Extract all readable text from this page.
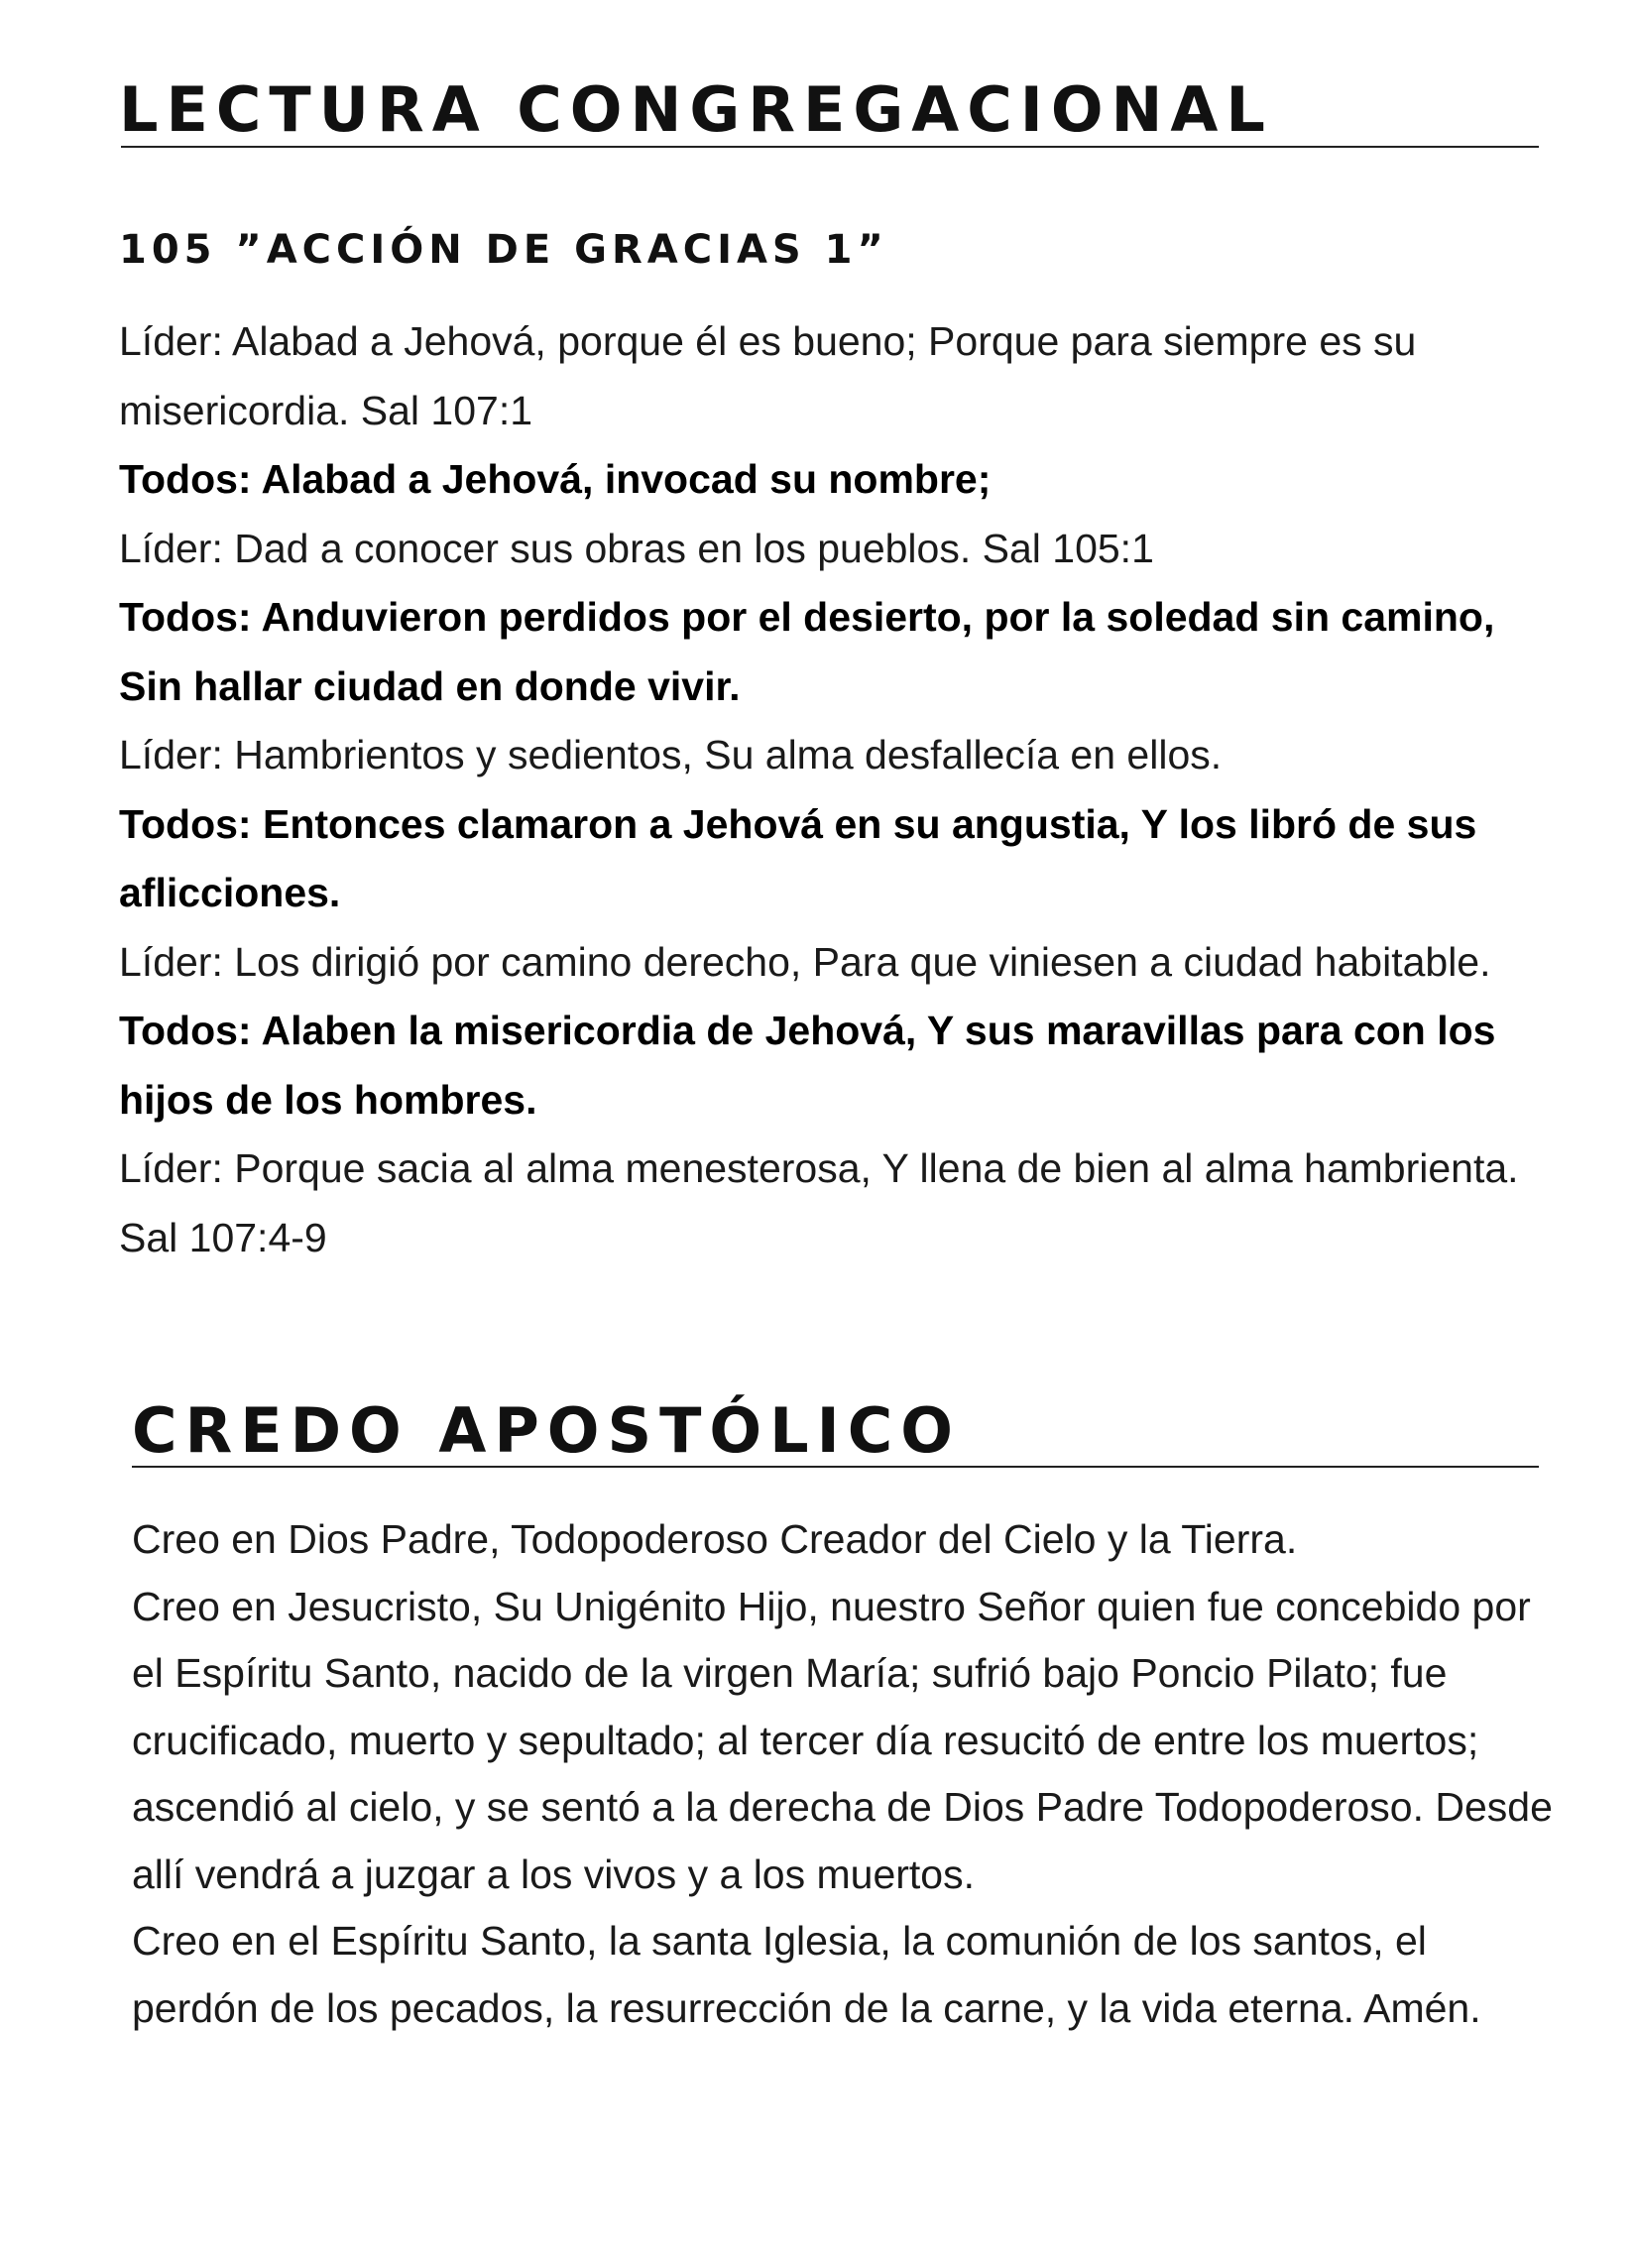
LECTURA CONGREGACIONAL
105 ”ACCIÓN DE GRACIAS 1”

Líder: Alabad a Jehová, porque él es bueno; Porque para siempre es su misericordia. Sal 107:1

Todos: Alabad a Jehová, invocad su nombre;

Líder: Dad a conocer sus obras en los pueblos. Sal 105:1

Todos: Anduvieron perdidos por el desierto, por la soledad sin camino, Sin hallar ciudad en donde vivir.

Líder: Hambrientos y sedientos, Su alma desfallecía en ellos.

Todos: Entonces clamaron a Jehová en su angustia, Y los libró de sus aflicciones.

Líder: Los dirigió por camino derecho, Para que viniesen a ciudad habitable.

Todos: Alaben la misericordia de Jehová, Y sus maravillas para con los hijos de los hombres.

Líder: Porque sacia al alma menesterosa, Y llena de bien al alma hambrienta. Sal 107:4-9

CREDO APOSTÓLICO

Creo en Dios Padre, Todopoderoso Creador del Cielo y la Tierra.

Creo en Jesucristo, Su Unigénito Hijo, nuestro Señor quien fue concebido por el Espíritu Santo, nacido de la virgen María; sufrió bajo Poncio Pilato; fue crucificado, muerto y sepultado; al tercer día resucitó de entre los muertos; ascendió al cielo, y se sentó a la derecha de Dios Padre Todopoderoso. Desde allí vendrá a juzgar a los vivos y a los muertos.

Creo en el Espíritu Santo, la santa Iglesia, la comunión de los santos, el perdón de los pecados, la resurrección de la carne, y la vida eterna. Amén.
